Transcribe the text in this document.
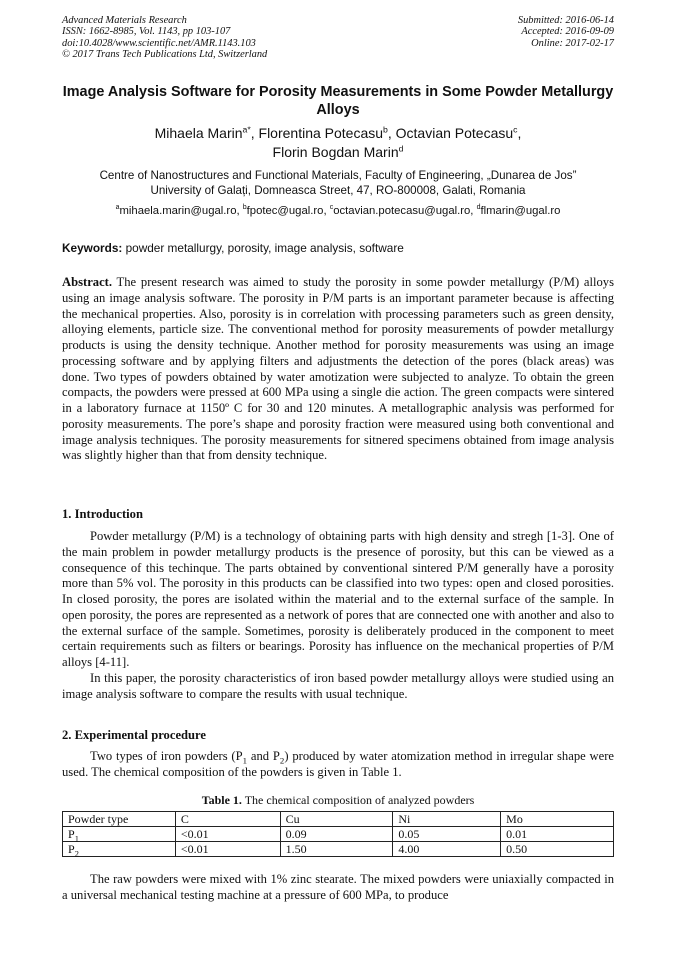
Advanced Materials Research
ISSN: 1662-8985, Vol. 1143, pp 103-107
doi:10.4028/www.scientific.net/AMR.1143.103
© 2017 Trans Tech Publications Ltd, Switzerland
Submitted: 2016-06-14
Accepted: 2016-09-09
Online: 2017-02-17
Image Analysis Software for Porosity Measurements in Some Powder Metallurgy Alloys
Mihaela Marin$^{a*}$, Florentina Potecasu$^b$, Octavian Potecasu$^c$,
Florin Bogdan Marin$^d$
Centre of Nanostructures and Functional Materials, Faculty of Engineering, „Dunarea de Jos”
University of Galați, Domneasca Street, 47, RO-800008, Galati, Romania
$^a$mihaela.marin@ugal.ro, $^b$fpotec@ugal.ro, $^c$octavian.potecasu@ugal.ro, $^d$flmarin@ugal.ro
Keywords: powder metallurgy, porosity, image analysis, software
Abstract. The present research was aimed to study the porosity in some powder metallurgy (P/M) alloys using an image analysis software. The porosity in P/M parts is an important parameter because is affecting the mechanical properties. Also, porosity is in correlation with processing parameters such as green density, alloying elements, particle size. The conventional method for porosity measurements of powder metallurgy products is using the density technique. Another method for porosity measurements was using an image processing software and by applying filters and adjustments the detection of the pores (black areas) was done. Two types of powders obtained by water amotization were subjected to analyze. To obtain the green compacts, the powders were pressed at 600 MPa using a single die action. The green compacts were sintered in a laboratory furnace at 1150º C for 30 and 120 minutes. A metallographic analysis was performed for porosity measurements. The pore’s shape and porosity fraction were measured using both conventional and image analysis techniques. The porosity measurements for sitnered specimens obtained from image analysis was slightly higher than that from density technique.
1. Introduction

Powder metallurgy (P/M) is a technology of obtaining parts with high density and stregh [1-3]. One of the main problem in powder metallurgy products is the presence of porosity, but this can be viewed as a consequence of this techinque. The parts obtained by conventional sintered P/M generally have a porosity more than 5% vol. The porosity in this products can be classified into two types: open and closed porosities. In closed porosity, the pores are isolated within the material and to the external surface of the sample. In open porosity, the pores are represented as a network of pores that are connected one with another and also to the external surface of the sample. Sometimes, porosity is deliberately produced in the component to meet certain requirements such as filters or bearings. Porosity has influence on the mechanical properties of P/M alloys [4-11].

In this paper, the porosity characteristics of iron based powder metallurgy alloys were studied using an image analysis software to compare the results with usual technique.

2. Experimental procedure

Two types of iron powders ($P_1$ and $P_2$) produced by water atomization method in irregular shape were used. The chemical composition of the powders is given in Table 1.

Table 1. The chemical composition of analyzed powders
Powder type	C	Cu	Ni	Mo
$P_1$	<0.01	0.09	0.05	0.01
$P_2$	<0.01	1.50	4.00	0.50

The raw powders were mixed with 1% zinc stearate. The mixed powders were uniaxially compacted in a universal mechanical testing machine at a pressure of 600 MPa, to produce
